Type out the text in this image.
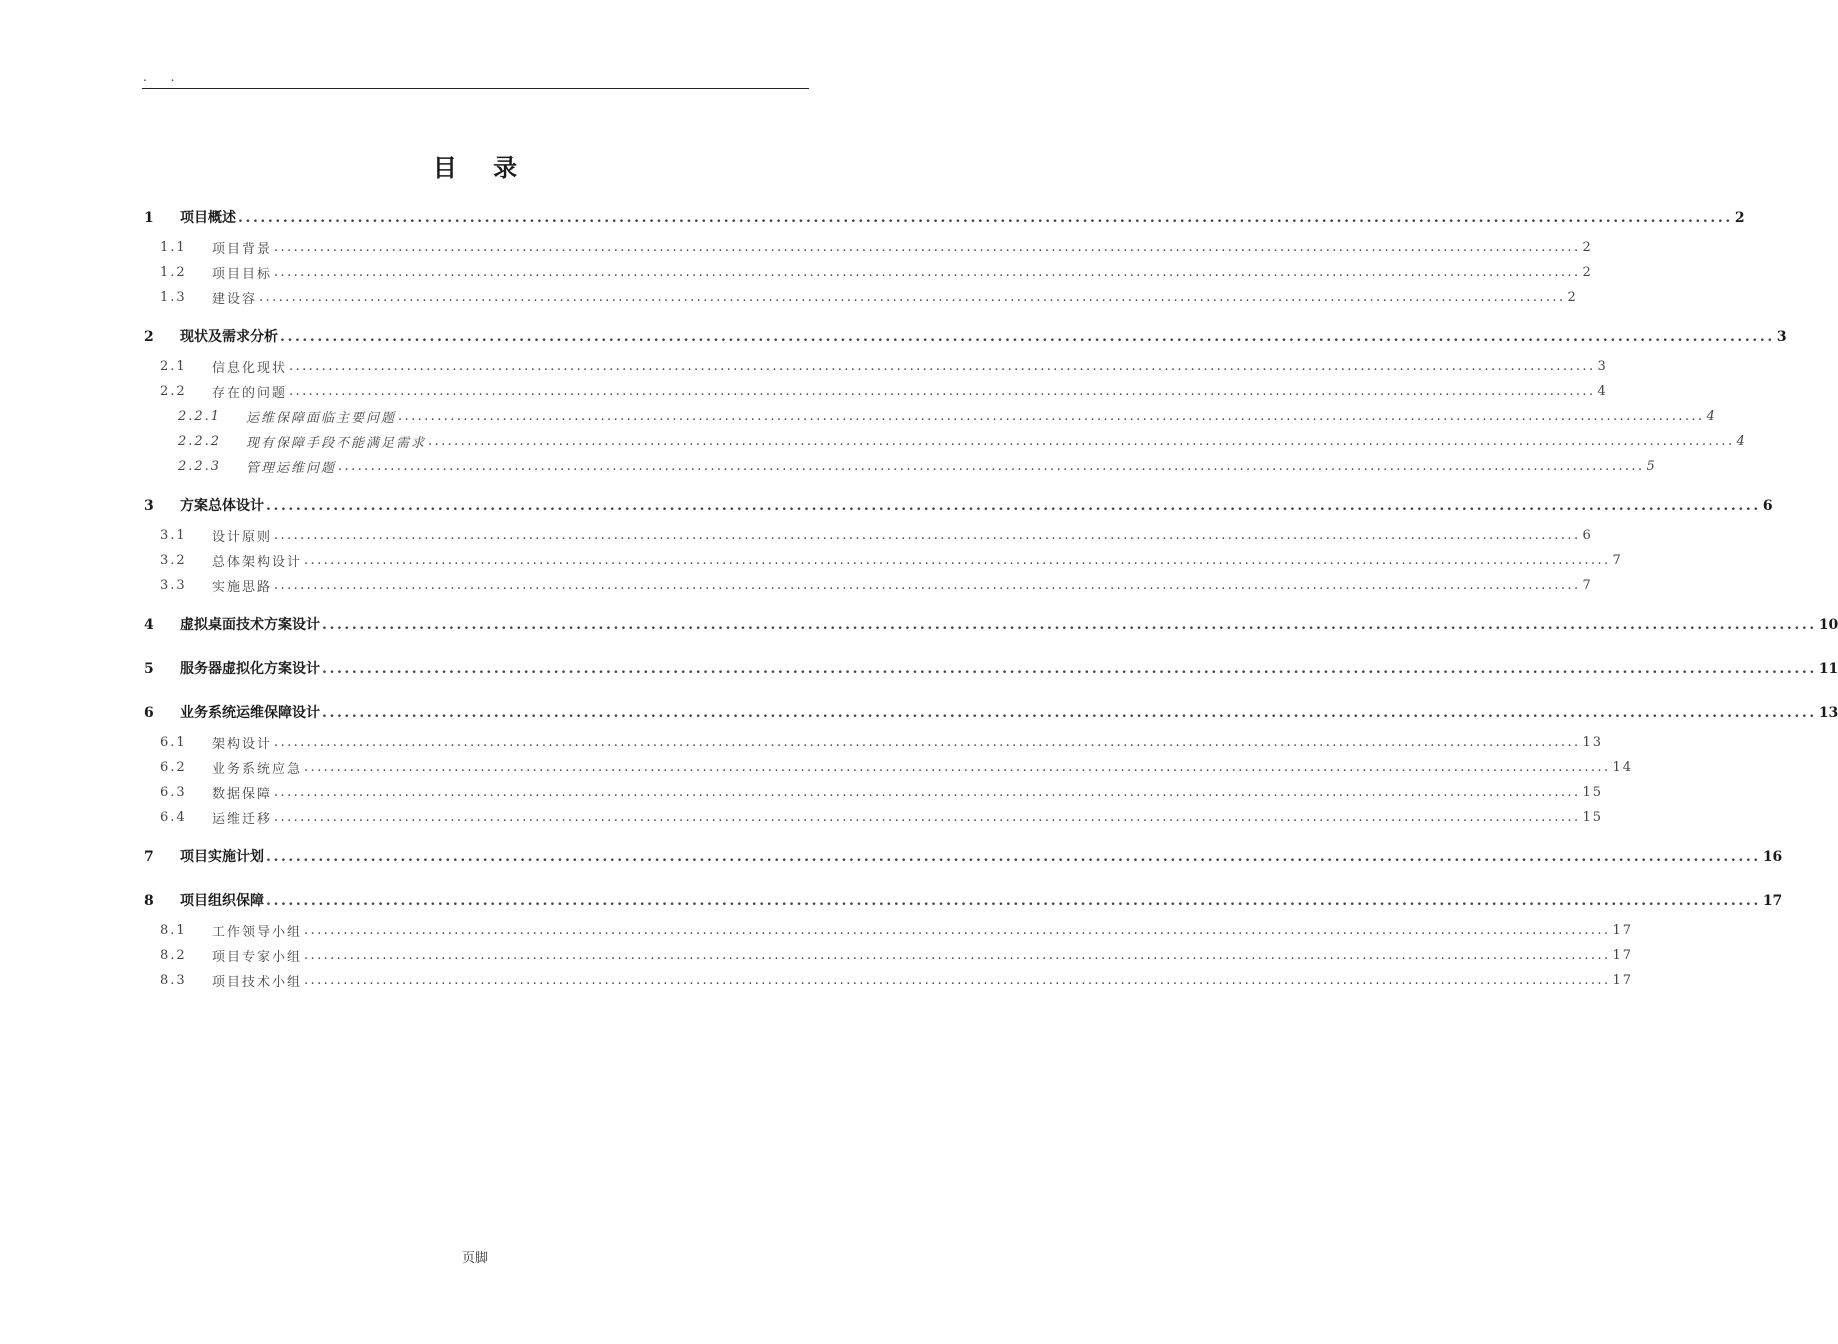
. .
目 录
1	项目概述 ........................................................................................................................................................................................................ 2
1.1	项目背景 ........................................................................................................................................................................................................ 2
1.2	项目目标 ........................................................................................................................................................................................................ 2
1.3	建设容 ........................................................................................................................................................................................................ 2
2	现状及需求分析 ........................................................................................................................................................................................................ 3
2.1	信息化现状 ........................................................................................................................................................................................................ 3
2.2	存在的问题 ........................................................................................................................................................................................................ 4
2.2.1	运维保障面临主要问题 ........................................................................................................................................................................................................ 4
2.2.2	现有保障手段不能满足需求 ........................................................................................................................................................................................................ 4
2.2.3	管理运维问题 ........................................................................................................................................................................................................ 5
3	方案总体设计 ........................................................................................................................................................................................................ 6
3.1	设计原则 ........................................................................................................................................................................................................ 6
3.2	总体架构设计 ........................................................................................................................................................................................................ 7
3.3	实施思路 ........................................................................................................................................................................................................ 7
4	虚拟桌面技术方案设计 ........................................................................................................................................................................................................ 10
5	服务器虚拟化方案设计 ........................................................................................................................................................................................................ 11
6	业务系统运维保障设计 ........................................................................................................................................................................................................ 13
6.1	架构设计 ........................................................................................................................................................................................................ 13
6.2	业务系统应急 ........................................................................................................................................................................................................ 14
6.3	数据保障 ........................................................................................................................................................................................................ 15
6.4	运维迁移 ........................................................................................................................................................................................................ 15
7	项目实施计划 ........................................................................................................................................................................................................ 16
8	项目组织保障 ........................................................................................................................................................................................................ 17
8.1	工作领导小组 ........................................................................................................................................................................................................ 17
8.2	项目专家小组 ........................................................................................................................................................................................................ 17
8.3	项目技术小组 ........................................................................................................................................................................................................ 17
页脚
